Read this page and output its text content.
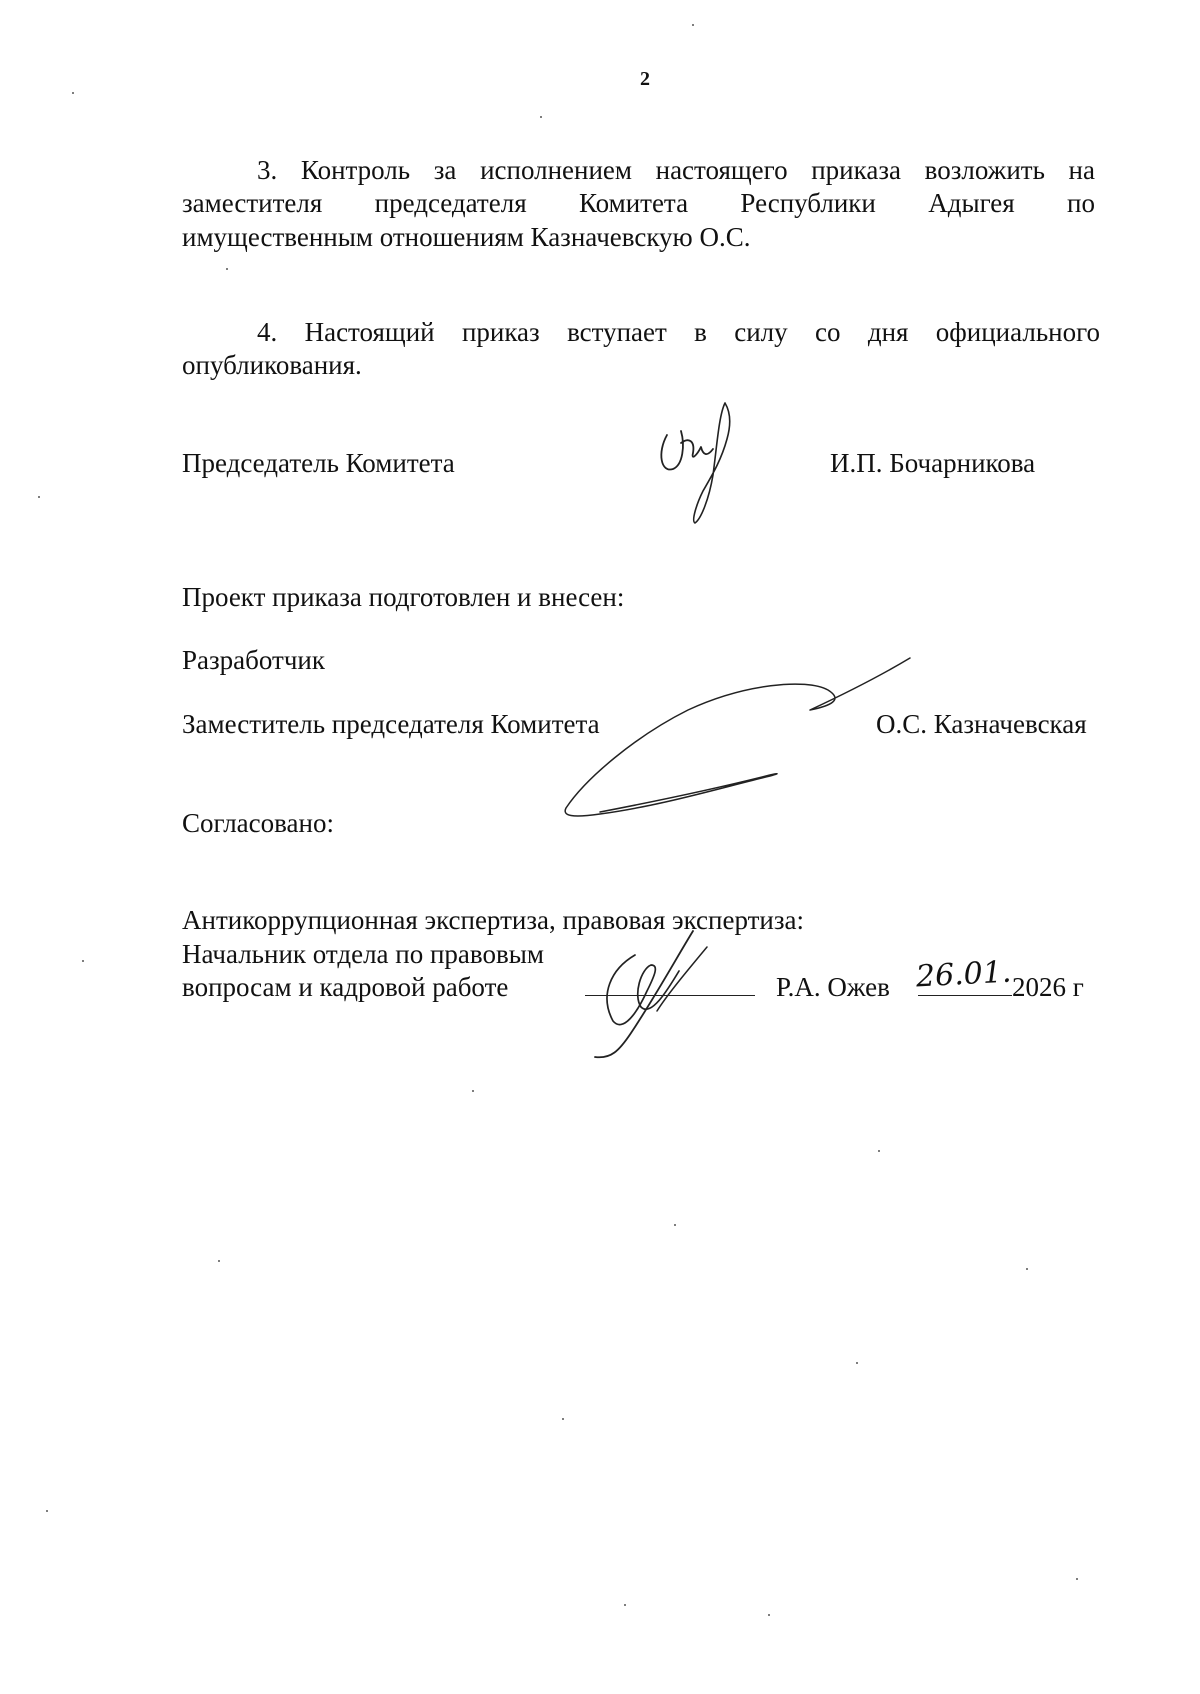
2
3. Контроль за исполнением настоящего приказа возложить на
заместителя председателя Комитета Республики Адыгея по
имущественным отношениям Казначевскую О.С.
4. Настоящий приказ вступает в силу со дня официального
опубликования.
Председатель Комитета	И.П. Бочарникова
Проект приказа подготовлен и внесен:
Разработчик
Заместитель председателя Комитета	О.С. Казначевская
Согласовано:
Антикоррупционная экспертиза, правовая экспертиза:
Начальник отдела по правовым
вопросам и кадровой работе	Р.А. Ожев 26.01. 2026 г
